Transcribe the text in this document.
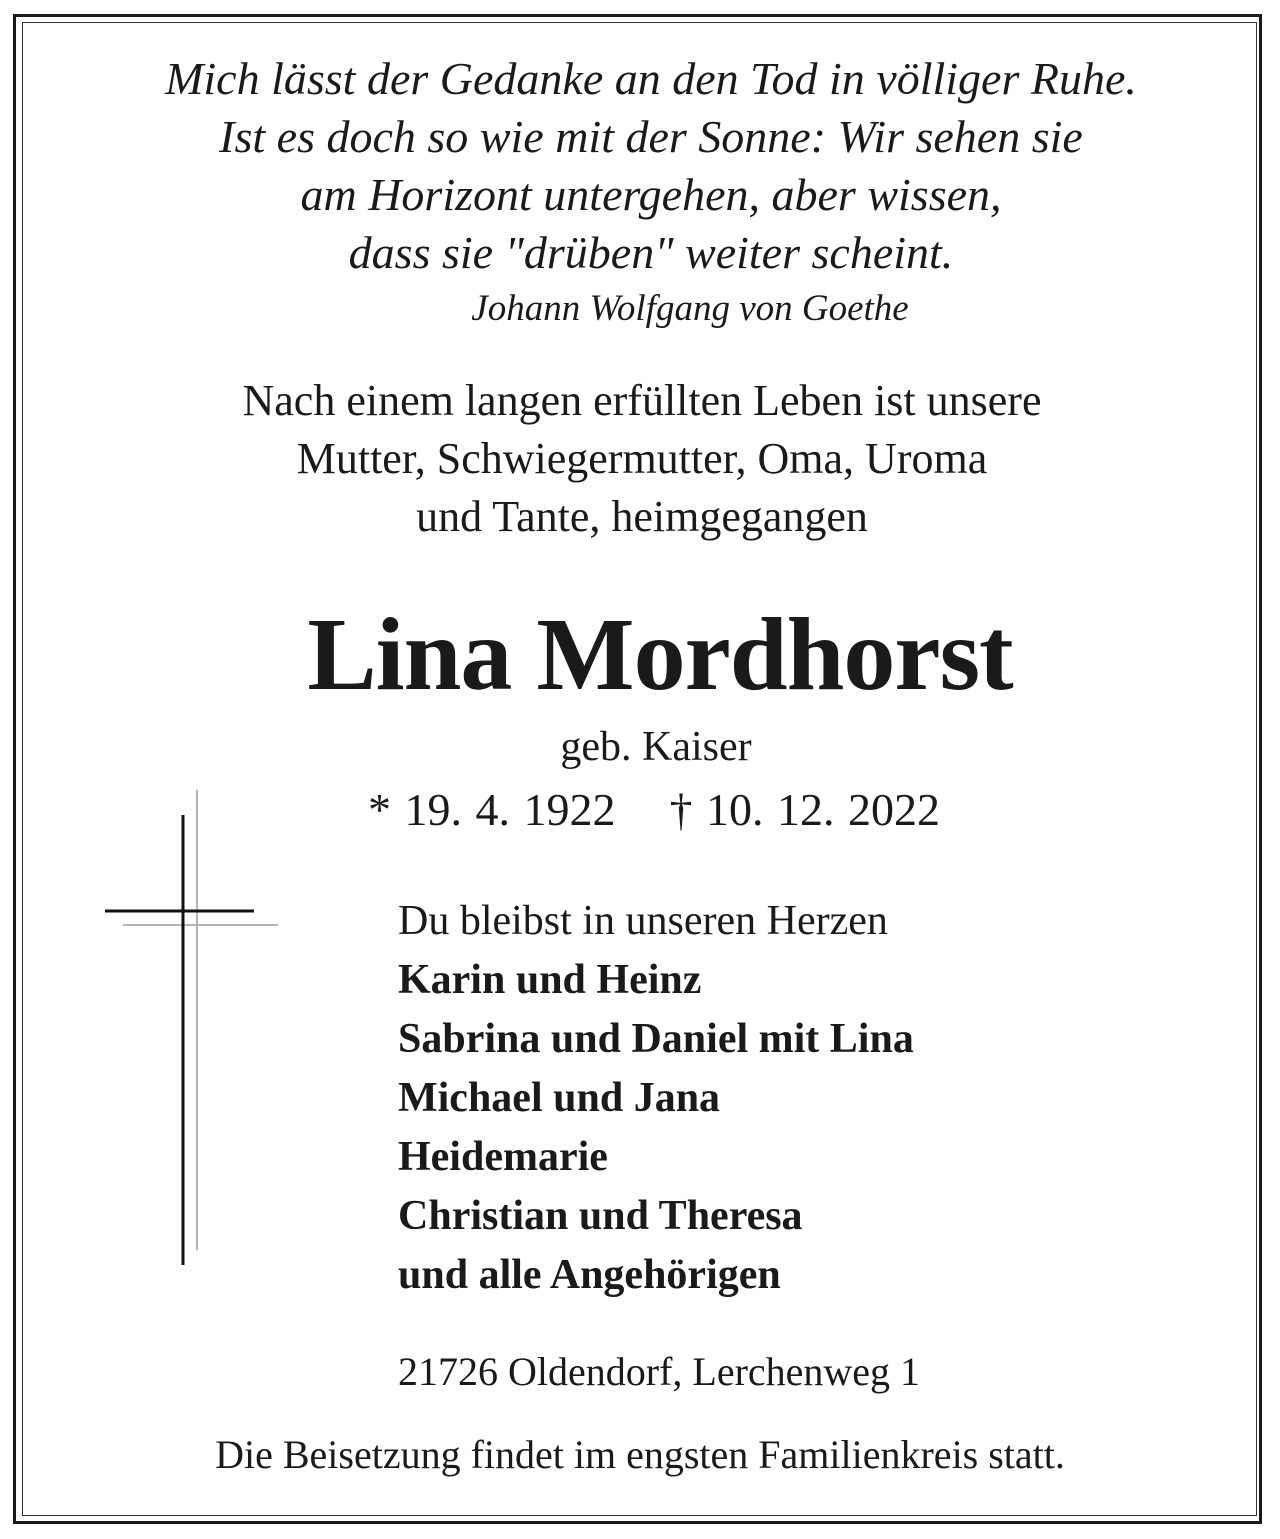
Mich lässt der Gedanke an den Tod in völliger Ruhe.
Ist es doch so wie mit der Sonne: Wir sehen sie
am Horizont untergehen, aber wissen,
dass sie "drüben" weiter scheint.
Johann Wolfgang von Goethe
Nach einem langen erfüllten Leben ist unsere
Mutter, Schwiegermutter, Oma, Uroma
und Tante, heimgegangen
Lina Mordhorst
geb. Kaiser
* 19. 4. 1922 † 10. 12. 2022
Du bleibst in unseren Herzen
Karin und Heinz
Sabrina und Daniel mit Lina
Michael und Jana
Heidemarie
Christian und Theresa
und alle Angehörigen
21726 Oldendorf, Lerchenweg 1
Die Beisetzung findet im engsten Familienkreis statt.
